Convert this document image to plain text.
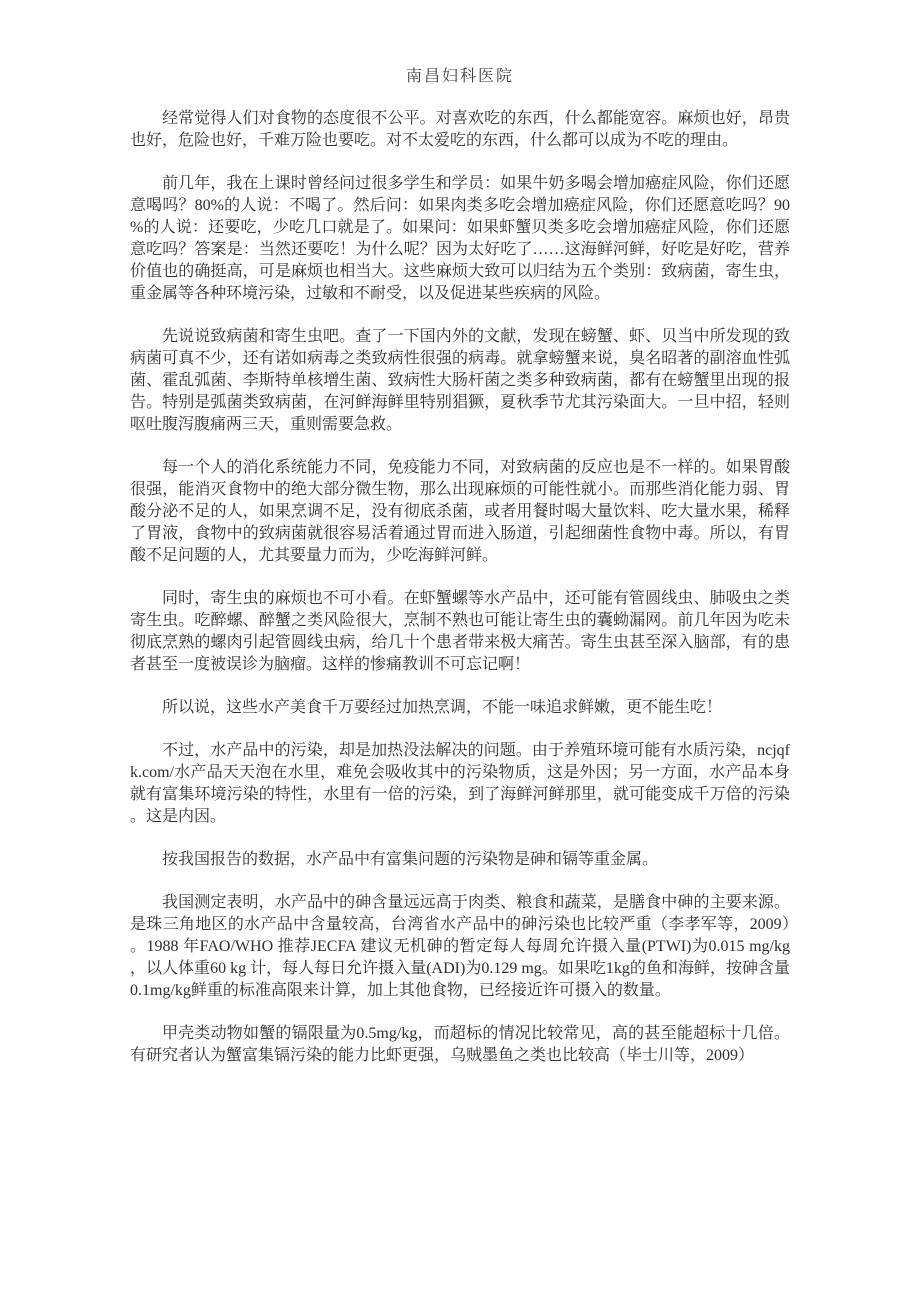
南昌妇科医院

经常觉得人们对食物的态度很不公平。对喜欢吃的东西，什么都能宽容。麻烦也好，昂贵也好，危险也好，千难万险也要吃。对不太爱吃的东西，什么都可以成为不吃的理由。

前几年，我在上课时曾经问过很多学生和学员：如果牛奶多喝会增加癌症风险，你们还愿意喝吗？80%的人说：不喝了。然后问：如果肉类多吃会增加癌症风险，你们还愿意吃吗？90%的人说：还要吃，少吃几口就是了。如果问：如果虾蟹贝类多吃会增加癌症风险，你们还愿意吃吗？答案是：当然还要吃！为什么呢？因为太好吃了……这海鲜河鲜，好吃是好吃，营养价值也的确挺高，可是麻烦也相当大。这些麻烦大致可以归结为五个类别：致病菌，寄生虫，重金属等各种环境污染，过敏和不耐受，以及促进某些疾病的风险。

先说说致病菌和寄生虫吧。查了一下国内外的文献，发现在螃蟹、虾、贝当中所发现的致病菌可真不少，还有诺如病毒之类致病性很强的病毒。就拿螃蟹来说，臭名昭著的副溶血性弧菌、霍乱弧菌、李斯特单核增生菌、致病性大肠杆菌之类多种致病菌，都有在螃蟹里出现的报告。特别是弧菌类致病菌，在河鲜海鲜里特别猖獗，夏秋季节尤其污染面大。一旦中招，轻则呕吐腹泻腹痛两三天，重则需要急救。

每一个人的消化系统能力不同，免疫能力不同，对致病菌的反应也是不一样的。如果胃酸很强，能消灭食物中的绝大部分微生物，那么出现麻烦的可能性就小。而那些消化能力弱、胃酸分泌不足的人，如果烹调不足，没有彻底杀菌，或者用餐时喝大量饮料、吃大量水果，稀释了胃液，食物中的致病菌就很容易活着通过胃而进入肠道，引起细菌性食物中毒。所以，有胃酸不足问题的人，尤其要量力而为，少吃海鲜河鲜。

同时，寄生虫的麻烦也不可小看。在虾蟹螺等水产品中，还可能有管圆线虫、肺吸虫之类寄生虫。吃醉螺、醉蟹之类风险很大，烹制不熟也可能让寄生虫的囊蚴漏网。前几年因为吃未彻底烹熟的螺肉引起管圆线虫病，给几十个患者带来极大痛苦。寄生虫甚至深入脑部，有的患者甚至一度被误诊为脑瘤。这样的惨痛教训不可忘记啊！

所以说，这些水产美食千万要经过加热烹调，不能一味追求鲜嫩，更不能生吃！

不过，水产品中的污染，却是加热没法解决的问题。由于养殖环境可能有水质污染，ncjqfk.com/水产品天天泡在水里，难免会吸收其中的污染物质，这是外因；另一方面，水产品本身就有富集环境污染的特性，水里有一倍的污染，到了海鲜河鲜那里，就可能变成千万倍的污染。这是内因。

按我国报告的数据，水产品中有富集问题的污染物是砷和镉等重金属。

我国测定表明，水产品中的砷含量远远高于肉类、粮食和蔬菜，是膳食中砷的主要来源。是珠三角地区的水产品中含量较高，台湾省水产品中的砷污染也比较严重（李孝军等，2009）。1988 年FAO/WHO 推荐JECFA 建议无机砷的暂定每人每周允许摄入量(PTWI)为0.015 mg/kg，以人体重60 kg 计，每人每日允许摄入量(ADI)为0.129 mg。如果吃1kg的鱼和海鲜，按砷含量0.1mg/kg鲜重的标准高限来计算，加上其他食物，已经接近许可摄入的数量。

甲壳类动物如蟹的镉限量为0.5mg/kg，而超标的情况比较常见，高的甚至能超标十几倍。有研究者认为蟹富集镉污染的能力比虾更强，乌贼墨鱼之类也比较高（毕士川等，2009）
